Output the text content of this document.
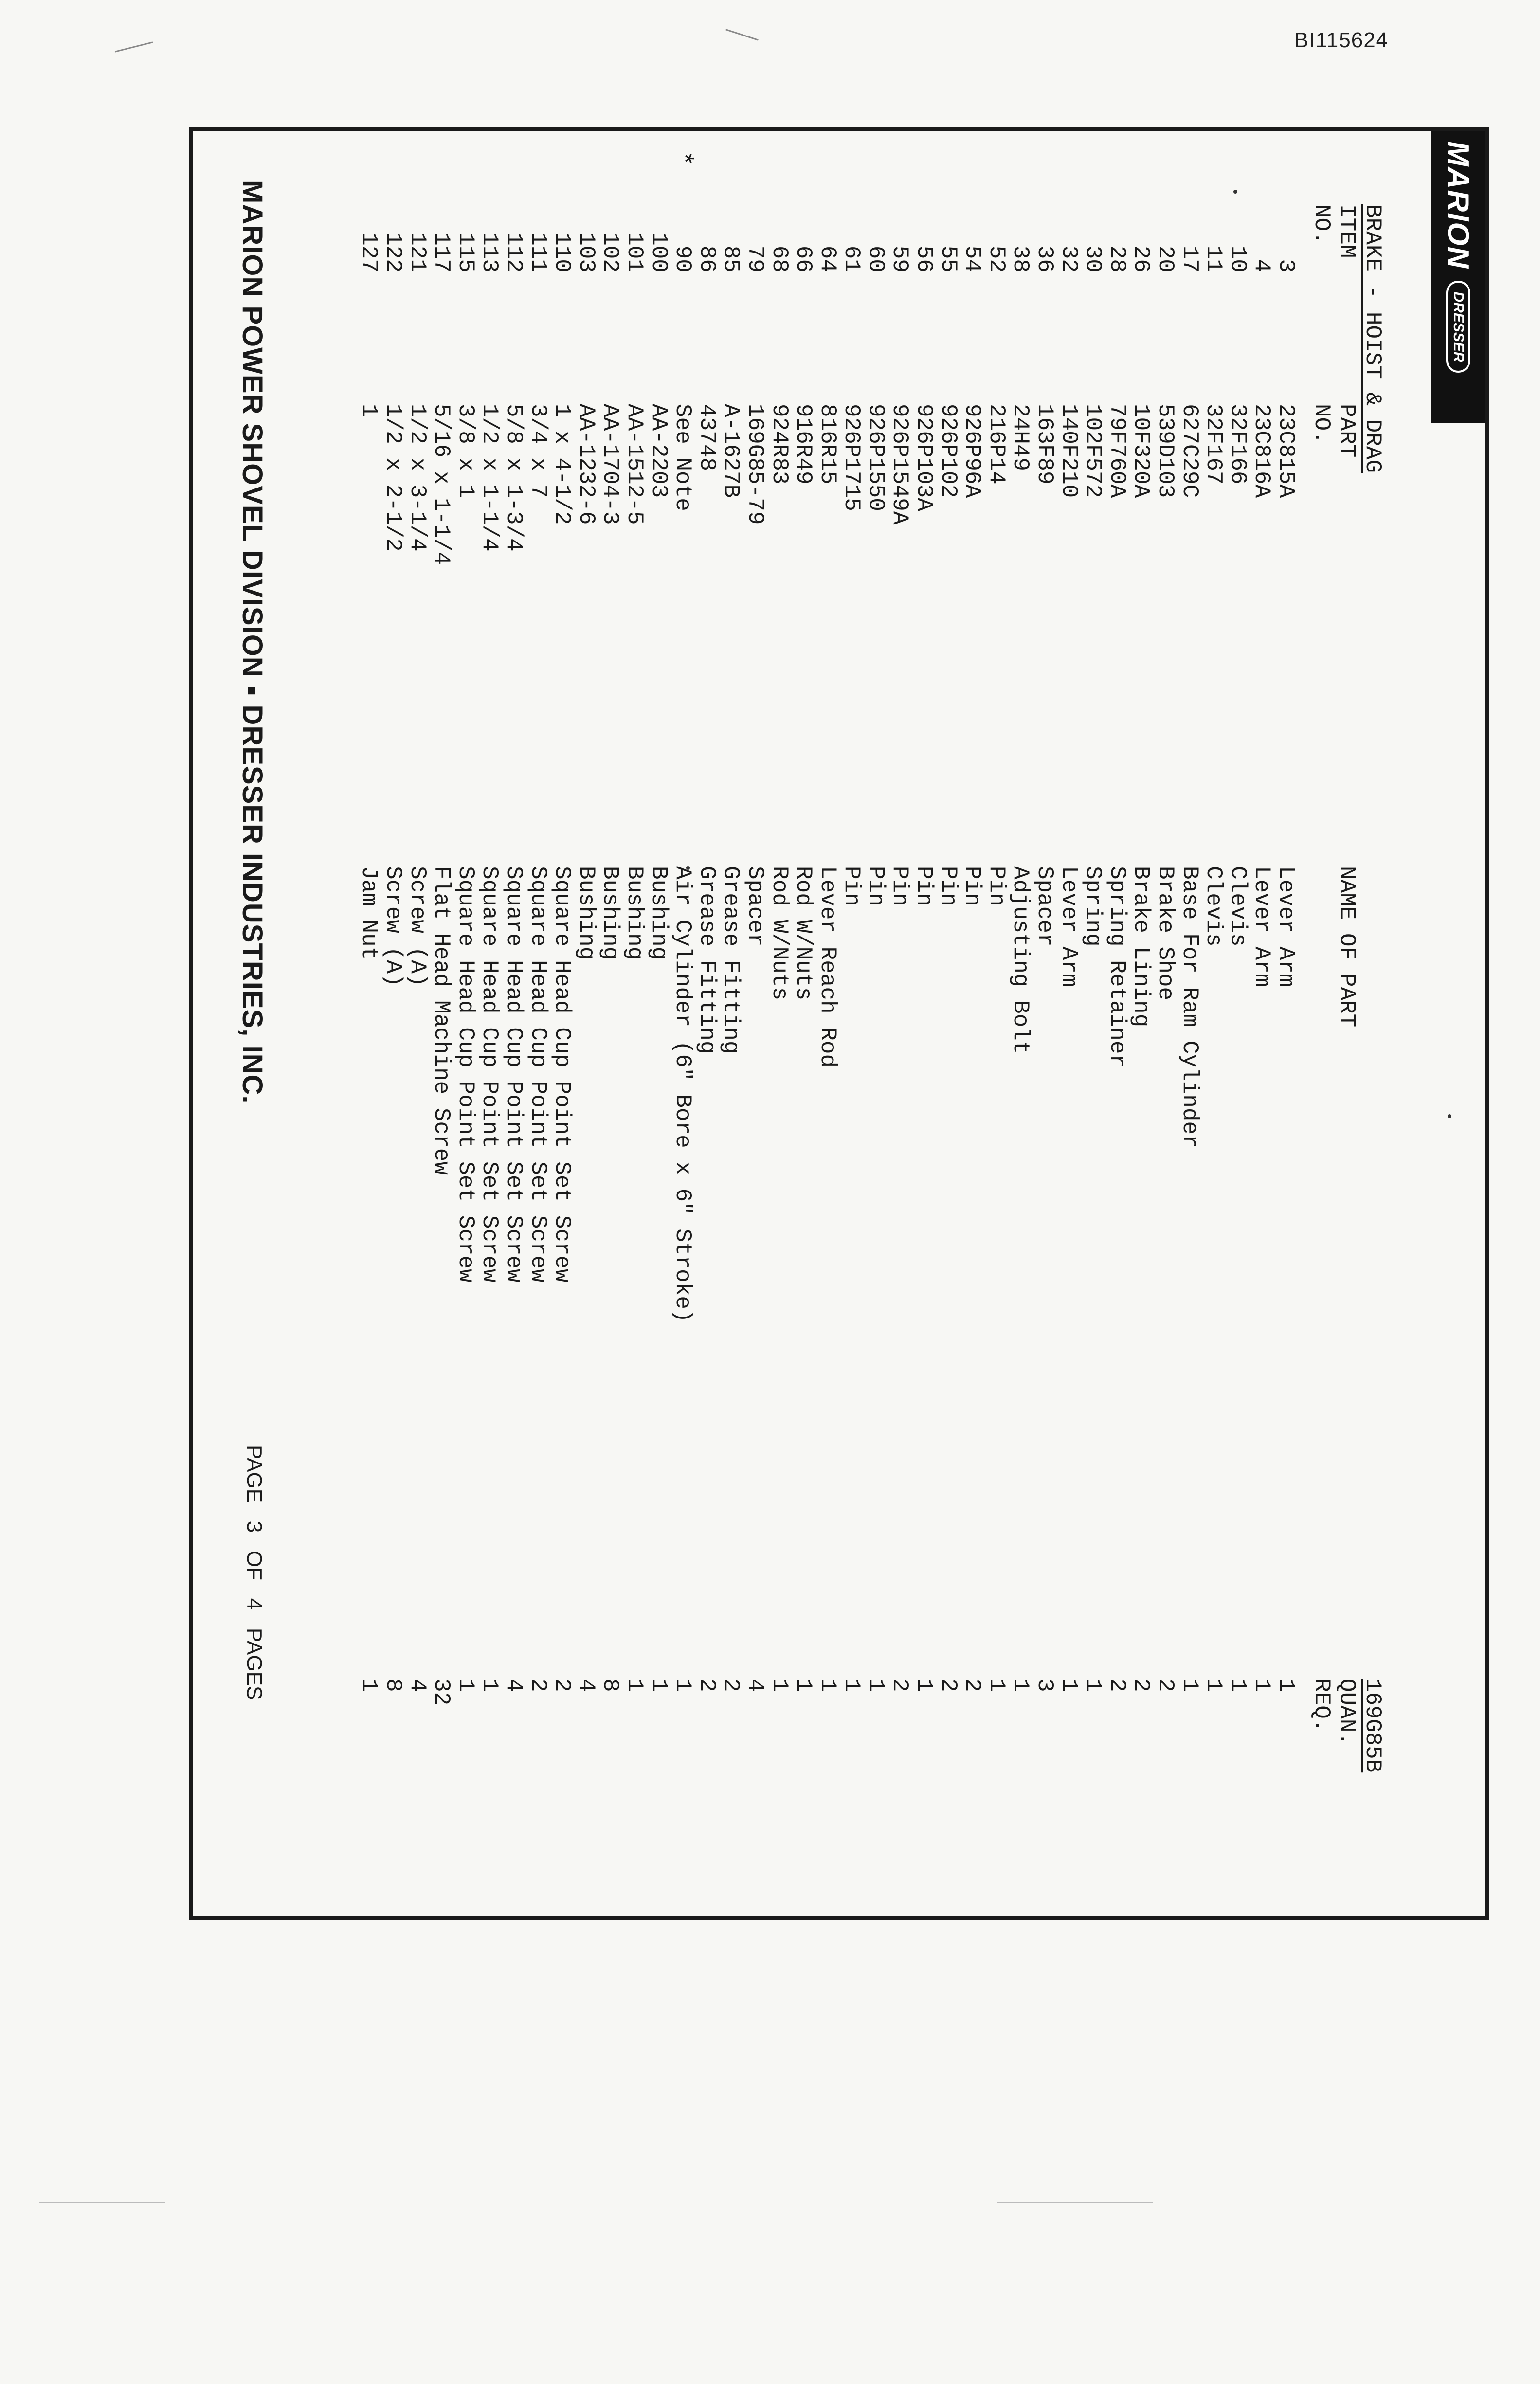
BI115624
MARION
DRESSER
BRAKE - HOIST & DRAG
169G85B
ITEM
NO.
PART
NO.
NAME OF PART
QUAN.
REQ.
3
23C815A
Lever Arm
1
4
23C816A
Lever Arm
1
10
32F166
Clevis
1
11
32F167
Clevis
1
17
627C29C
Base For Ram Cylinder
1
20
539D103
Brake Shoe
2
26
10F320A
Brake Lining
2
28
79F760A
Spring Retainer
2
30
102F572
Spring
1
32
140F210
Lever Arm
1
36
163F89
Spacer
3
38
24H49
Adjusting Bolt
1
52
216P14
Pin
1
54
926P96A
Pin
2
55
926P102
Pin
2
56
926P103A
Pin
1
59
926P1549A
Pin
2
60
926P1550
Pin
1
61
926P1715
Pin
1
64
816R15
Lever Reach Rod
1
66
916R49
Rod W/Nuts
1
68
924R83
Rod W/Nuts
1
79
169G85-79
Spacer
4
85
A-1627B
Grease Fitting
2
86
43748
Grease Fitting
2
*
90
See Note
Air Cylinder (6" Bore x 6" Stroke)
1
100
AA-2203
Bushing
1
101
AA-1512-5
Bushing
1
102
AA-1704-3
Bushing
8
103
AA-1232-6
Bushing
4
110
1 x 4-1/2
Square Head Cup Point Set Screw
2
111
3/4 x 7
Square Head Cup Point Set Screw
2
112
5/8 x 1-3/4
Square Head Cup Point Set Screw
4
113
1/2 x 1-1/4
Square Head Cup Point Set Screw
1
115
3/8 x 1
Square Head Cup Point Set Screw
1
117
5/16 x 1-1/4
Flat Head Machine Screw
32
121
1/2 x 3-1/4
Screw (A)
4
122
1/2 x 2-1/2
Screw (A)
8
127
1
Jam Nut
1
MARION POWER SHOVEL DIVISION ▪ DRESSER INDUSTRIES, INC.
PAGE   3   OF   4   PAGES
